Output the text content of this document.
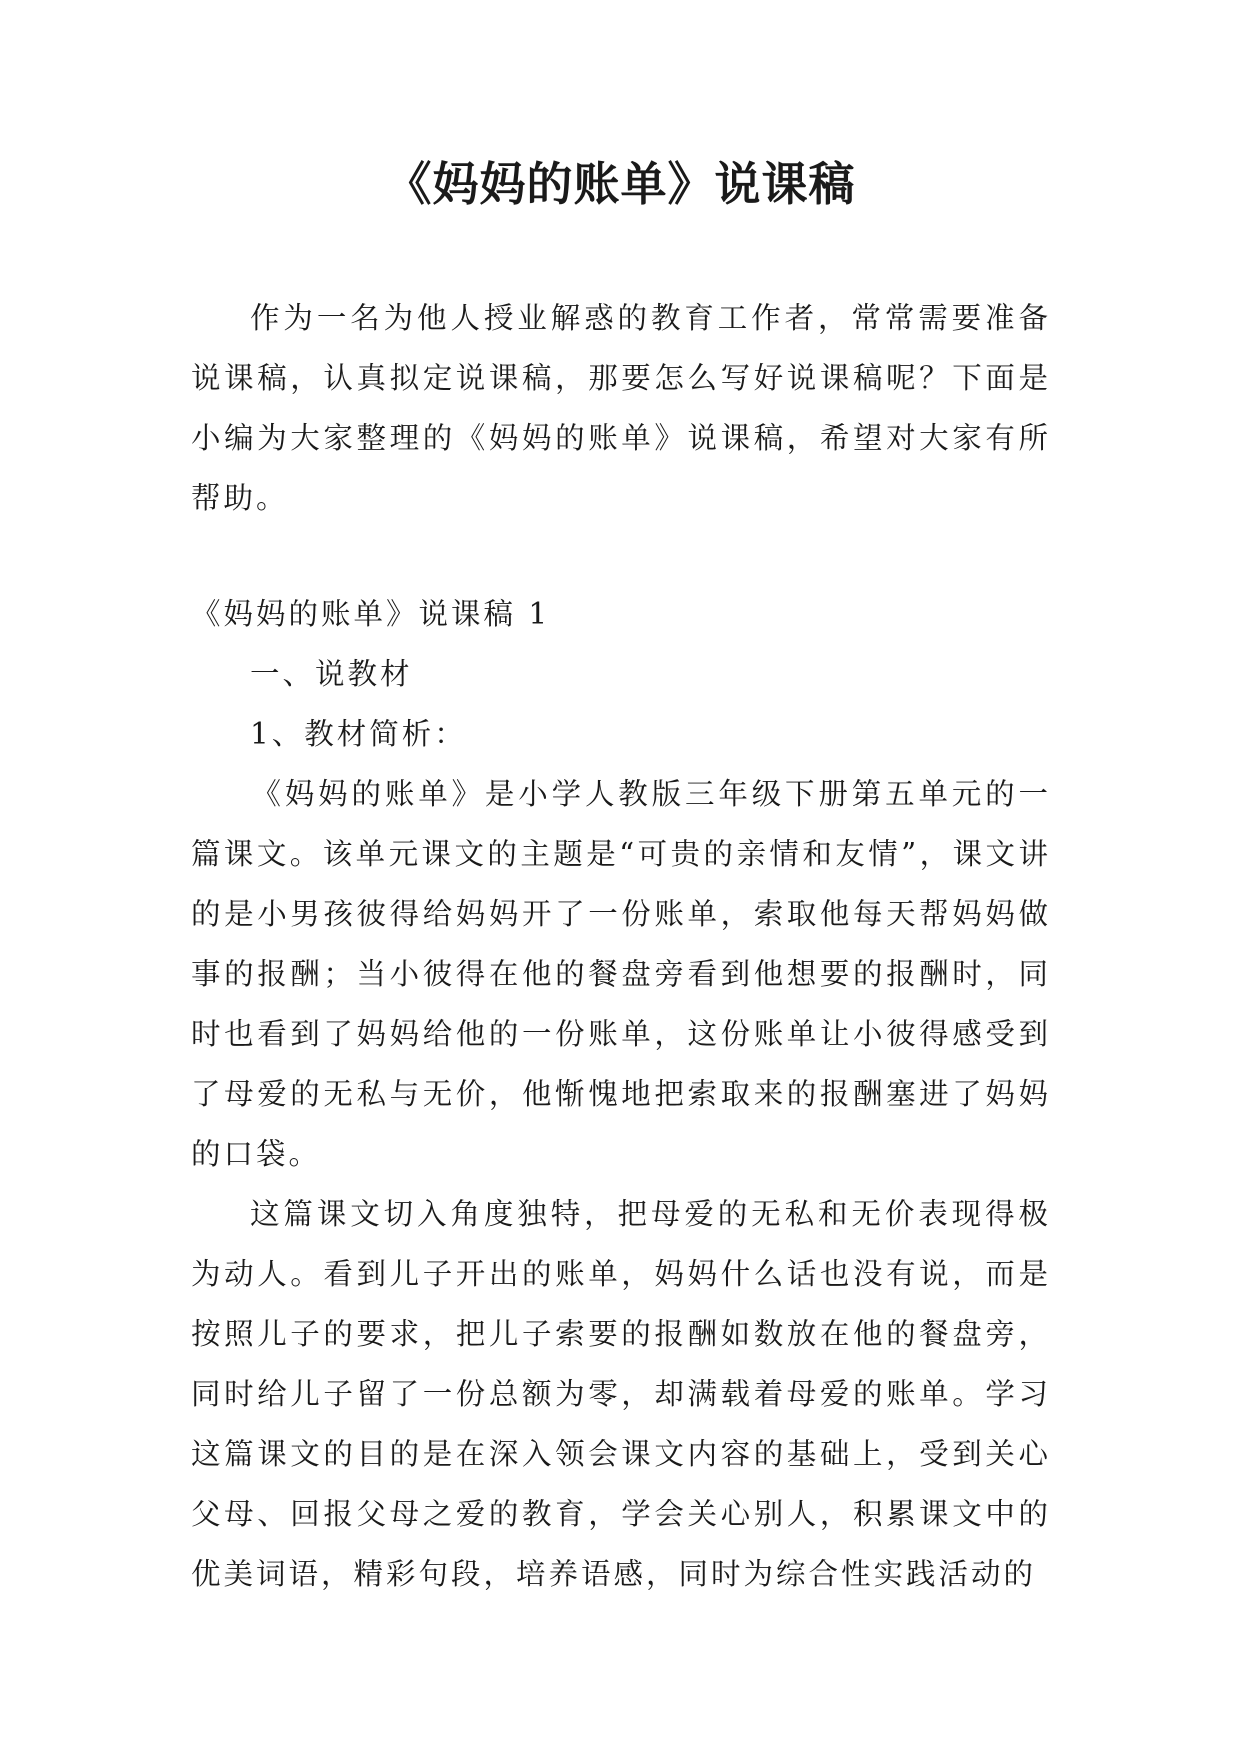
《妈妈的账单》说课稿

作为一名为他人授业解惑的教育工作者，常常需要准备说课稿，认真拟定说课稿，那要怎么写好说课稿呢？下面是小编为大家整理的《妈妈的账单》说课稿，希望对大家有所帮助。

《妈妈的账单》说课稿 1

一、说教材

1、教材简析：

《妈妈的账单》是小学人教版三年级下册第五单元的一篇课文。该单元课文的主题是“可贵的亲情和友情”，课文讲的是小男孩彼得给妈妈开了一份账单，索取他每天帮妈妈做事的报酬；当小彼得在他的餐盘旁看到他想要的报酬时，同时也看到了妈妈给他的一份账单，这份账单让小彼得感受到了母爱的无私与无价，他惭愧地把索取来的报酬塞进了妈妈的口袋。

这篇课文切入角度独特，把母爱的无私和无价表现得极为动人。看到儿子开出的账单，妈妈什么话也没有说，而是按照儿子的要求，把儿子索要的报酬如数放在他的餐盘旁，同时给儿子留了一份总额为零，却满载着母爱的账单。学习这篇课文的目的是在深入领会课文内容的基础上，受到关心父母、回报父母之爱的教育，学会关心别人，积累课文中的优美词语，精彩句段，培养语感，同时为综合性实践活动的
